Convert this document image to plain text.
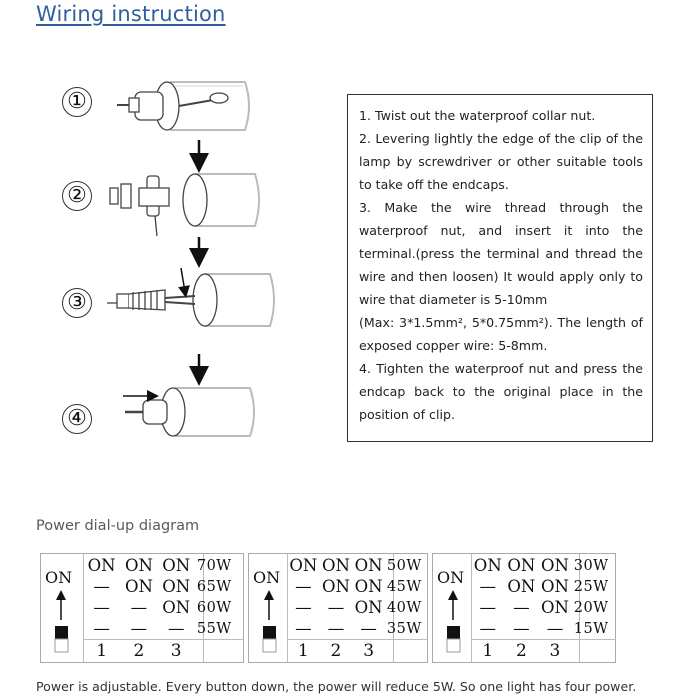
Wiring instruction
①
②
③
④

1. Twist out the waterproof collar nut.

2. Levering lightly the edge of the clip of the lamp by screwdriver or other suitable tools to take off the endcaps.

3. Make the wire thread through the waterproof nut, and insert it into the terminal.(press the terminal and thread the wire and then loosen) It would apply only to wire that diameter is 5-10mm

(Max: 3*1.5mm², 5*0.75mm²). The length of exposed copper wire: 5-8mm.

4. Tighten the waterproof nut and press the endcap back to the original place in the position of clip.

Power dial-up diagram
ON
ON	ON	ON	70W
—	ON	ON	65W
—	—	ON	60W
—	—	—	55W
1	2	3	
ON
ON	ON	ON	50W
—	ON	ON	45W
—	—	ON	40W
—	—	—	35W
1	2	3	
ON
ON	ON	ON	30W
—	ON	ON	25W
—	—	ON	20W
—	—	—	15W
1	2	3	
Power is adjustable. Every button down, the power will reduce 5W. So one light has four power.
